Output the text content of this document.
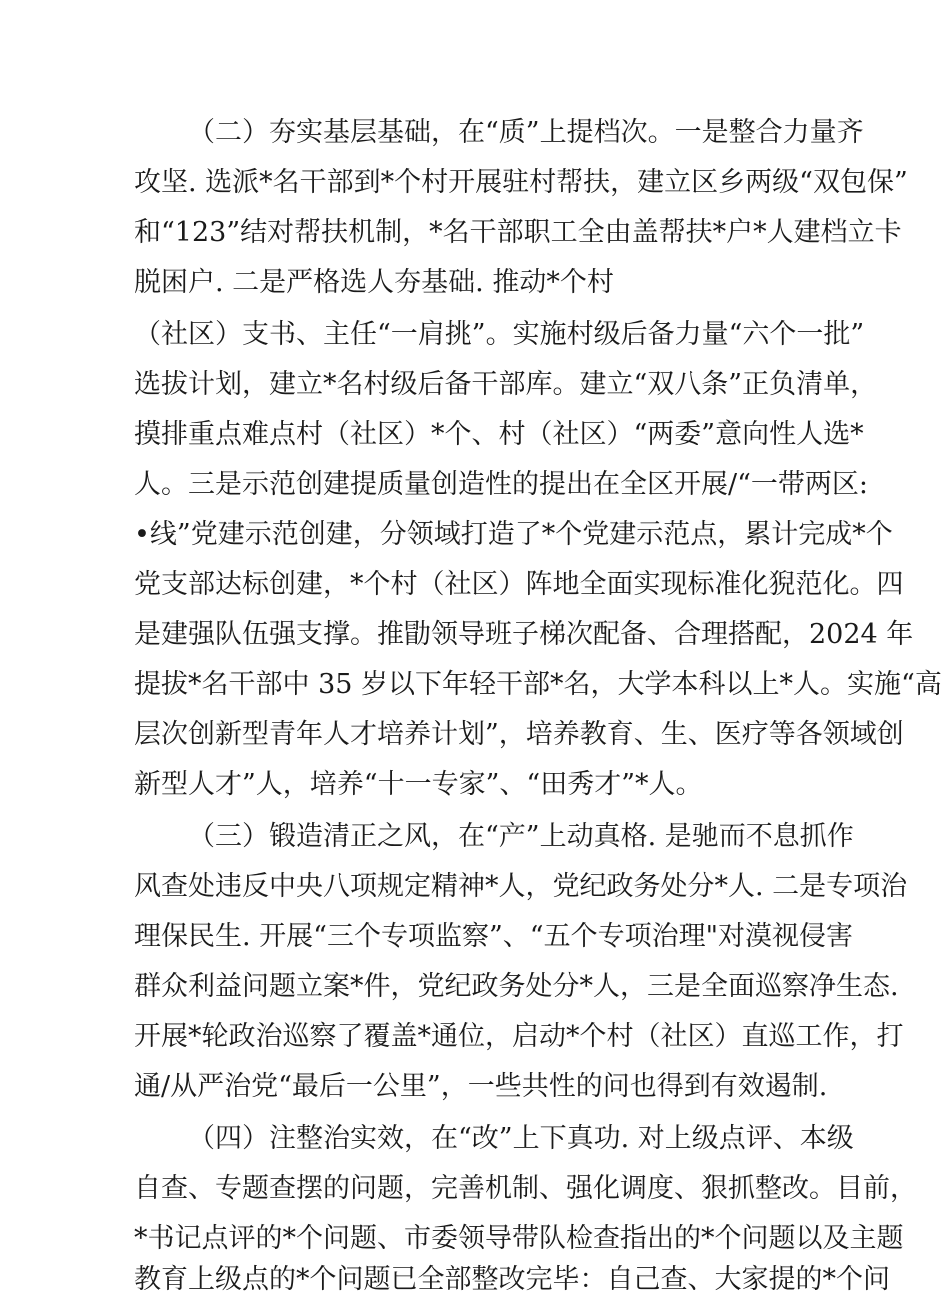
（二）夯实基层基础，在“质”上提档次。一是整合力量齐
攻坚. 选派*名干部到*个村开展驻村帮扶，建立区乡两级“双包保”
和“123”结对帮扶机制，*名干部职工全由盖帮扶*户*人建档立卡
脱困户. 二是严格选人夯基础. 推动*个村
（社区）支书、主任“一肩挑”。实施村级后备力量“六个一批”
选拔计划，建立*名村级后备干部库。建立“双八条”正负清单，
摸排重点难点村（社区）*个、村（社区）“两委”意向性人选*
人。三是示范创建提质量创造性的提出在全区开展/“一带两区:
•线”党建示范创建，分领域打造了*个党建示范点，累计完成*个
党支部达标创建，*个村（社区）阵地全面实现标准化猊范化。四
是建强队伍强支撑。推勖领导班子梯次配备、合理搭配，2024 年
提拔*名干部中 35 岁以下年轻干部*名，大学本科以上*人。实施“高
层次创新型青年人才培养计划”，培养教育、生、医疗等各领域创
新型人才”人，培养“十一专家”、“田秀才”*人。
（三）锻造清正之风，在“产”上动真格. 是驰而不息抓作
风查处违反中央八项规定精神*人，党纪政务处分*人. 二是专项治
理保民生. 开展“三个专项监察”、“五个专项治理"对漠视侵害
群众利益问题立案*件，党纪政务处分*人，三是全面巡察净生态.
开展*轮政治巡察了覆盖*通位，启动*个村（社区）直巡工作，打
通/从严治党“最后一公里”，一些共性的问也得到有效遏制.
（四）注整治实效，在“改”上下真功. 对上级点评、本级
自查、专题查摆的问题，完善机制、强化调度、狠抓整改。目前，
*书记点评的*个问题、市委领导带队检查指出的*个问题以及主题
教育上级点的*个问题已全部整改完毕：自己查、大家提的*个问
